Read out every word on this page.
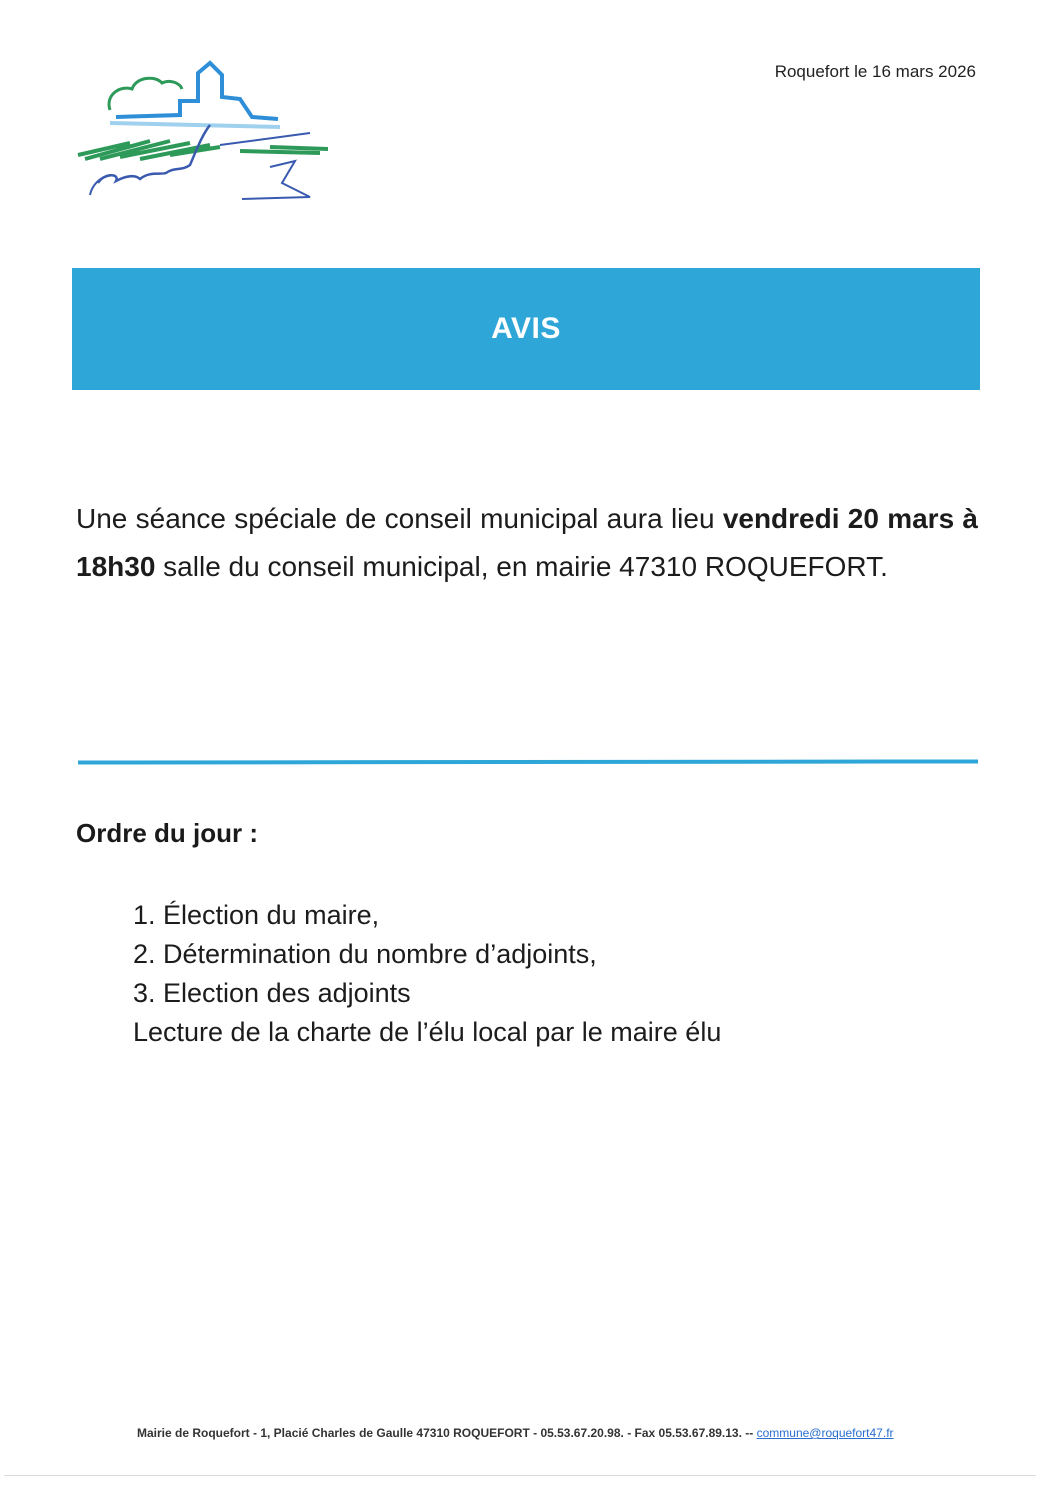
Roquefort le 16 mars 2026
AVIS
Une séance spéciale de conseil municipal aura lieu vendredi 20 mars à 18h30 salle du conseil municipal, en mairie 47310 ROQUEFORT.
Ordre du jour :
1. Élection du maire,
2. Détermination du nombre d’adjoints,
3. Election des adjoints
Lecture de la charte de l’élu local par le maire élu
Mairie de Roquefort - 1, Placié Charles de Gaulle 47310 ROQUEFORT - 05.53.67.20.98. - Fax 05.53.67.89.13. -- commune@roquefort47.fr
